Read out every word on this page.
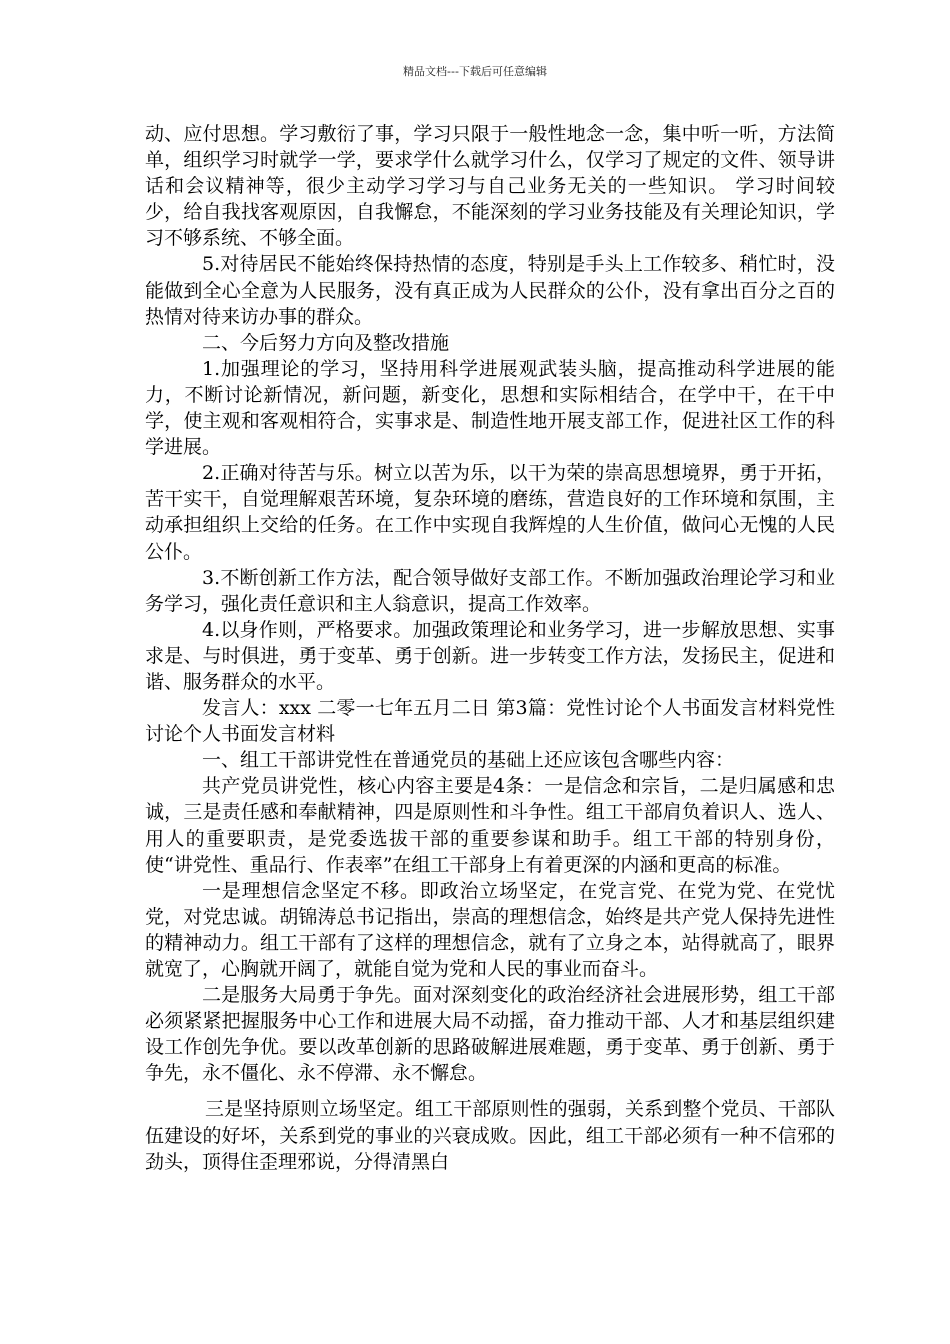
精品文档---下载后可任意编辑

动、应付思想。学习敷衍了事，学习只限于一般性地念一念，集中听一听，方法简单，组织学习时就学一学，要求学什么就学习什么，仅学习了规定的文件、领导讲话和会议精神等，很少主动学习学习与自己业务无关的一些知识。 学习时间较少，给自我找客观原因，自我懈怠，不能深刻的学习业务技能及有关理论知识，学习不够系统、不够全面。

5.对待居民不能始终保持热情的态度，特别是手头上工作较多、稍忙时，没能做到全心全意为人民服务，没有真正成为人民群众的公仆，没有拿出百分之百的热情对待来访办事的群众。

二、今后努力方向及整改措施

1.加强理论的学习，坚持用科学进展观武装头脑，提高推动科学进展的能力，不断讨论新情况，新问题，新变化，思想和实际相结合，在学中干，在干中学，使主观和客观相符合，实事求是、制造性地开展支部工作，促进社区工作的科学进展。

2.正确对待苦与乐。树立以苦为乐，以干为荣的崇高思想境界，勇于开拓，苦干实干，自觉理解艰苦环境，复杂环境的磨练，营造良好的工作环境和氛围，主动承担组织上交给的任务。在工作中实现自我辉煌的人生价值，做问心无愧的人民公仆。

3.不断创新工作方法，配合领导做好支部工作。不断加强政治理论学习和业务学习，强化责任意识和主人翁意识，提高工作效率。

4.以身作则，严格要求。加强政策理论和业务学习，进一步解放思想、实事求是、与时俱进，勇于变革、勇于创新。进一步转变工作方法，发扬民主，促进和谐、服务群众的水平。

发言人：xxx 二零一七年五月二日 第3篇：党性讨论个人书面发言材料党性讨论个人书面发言材料

一、组工干部讲党性在普通党员的基础上还应该包含哪些内容：

共产党员讲党性，核心内容主要是4条：一是信念和宗旨，二是归属感和忠诚，三是责任感和奉献精神，四是原则性和斗争性。组工干部肩负着识人、选人、用人的重要职责，是党委选拔干部的重要参谋和助手。组工干部的特别身份，使“讲党性、重品行、作表率”在组工干部身上有着更深的内涵和更高的标准。

一是理想信念坚定不移。即政治立场坚定，在党言党、在党为党、在党忧党，对党忠诚。胡锦涛总书记指出，崇高的理想信念，始终是共产党人保持先进性的精神动力。组工干部有了这样的理想信念，就有了立身之本，站得就高了，眼界就宽了，心胸就开阔了，就能自觉为党和人民的事业而奋斗。

二是服务大局勇于争先。面对深刻变化的政治经济社会进展形势，组工干部必须紧紧把握服务中心工作和进展大局不动摇，奋力推动干部、人才和基层组织建设工作创先争优。要以改革创新的思路破解进展难题，勇于变革、勇于创新、勇于争先，永不僵化、永不停滞、永不懈怠。

三是坚持原则立场坚定。组工干部原则性的强弱，关系到整个党员、干部队伍建设的好坏，关系到党的事业的兴衰成败。因此，组工干部必须有一种不信邪的劲头，顶得住歪理邪说，分得清黑白
